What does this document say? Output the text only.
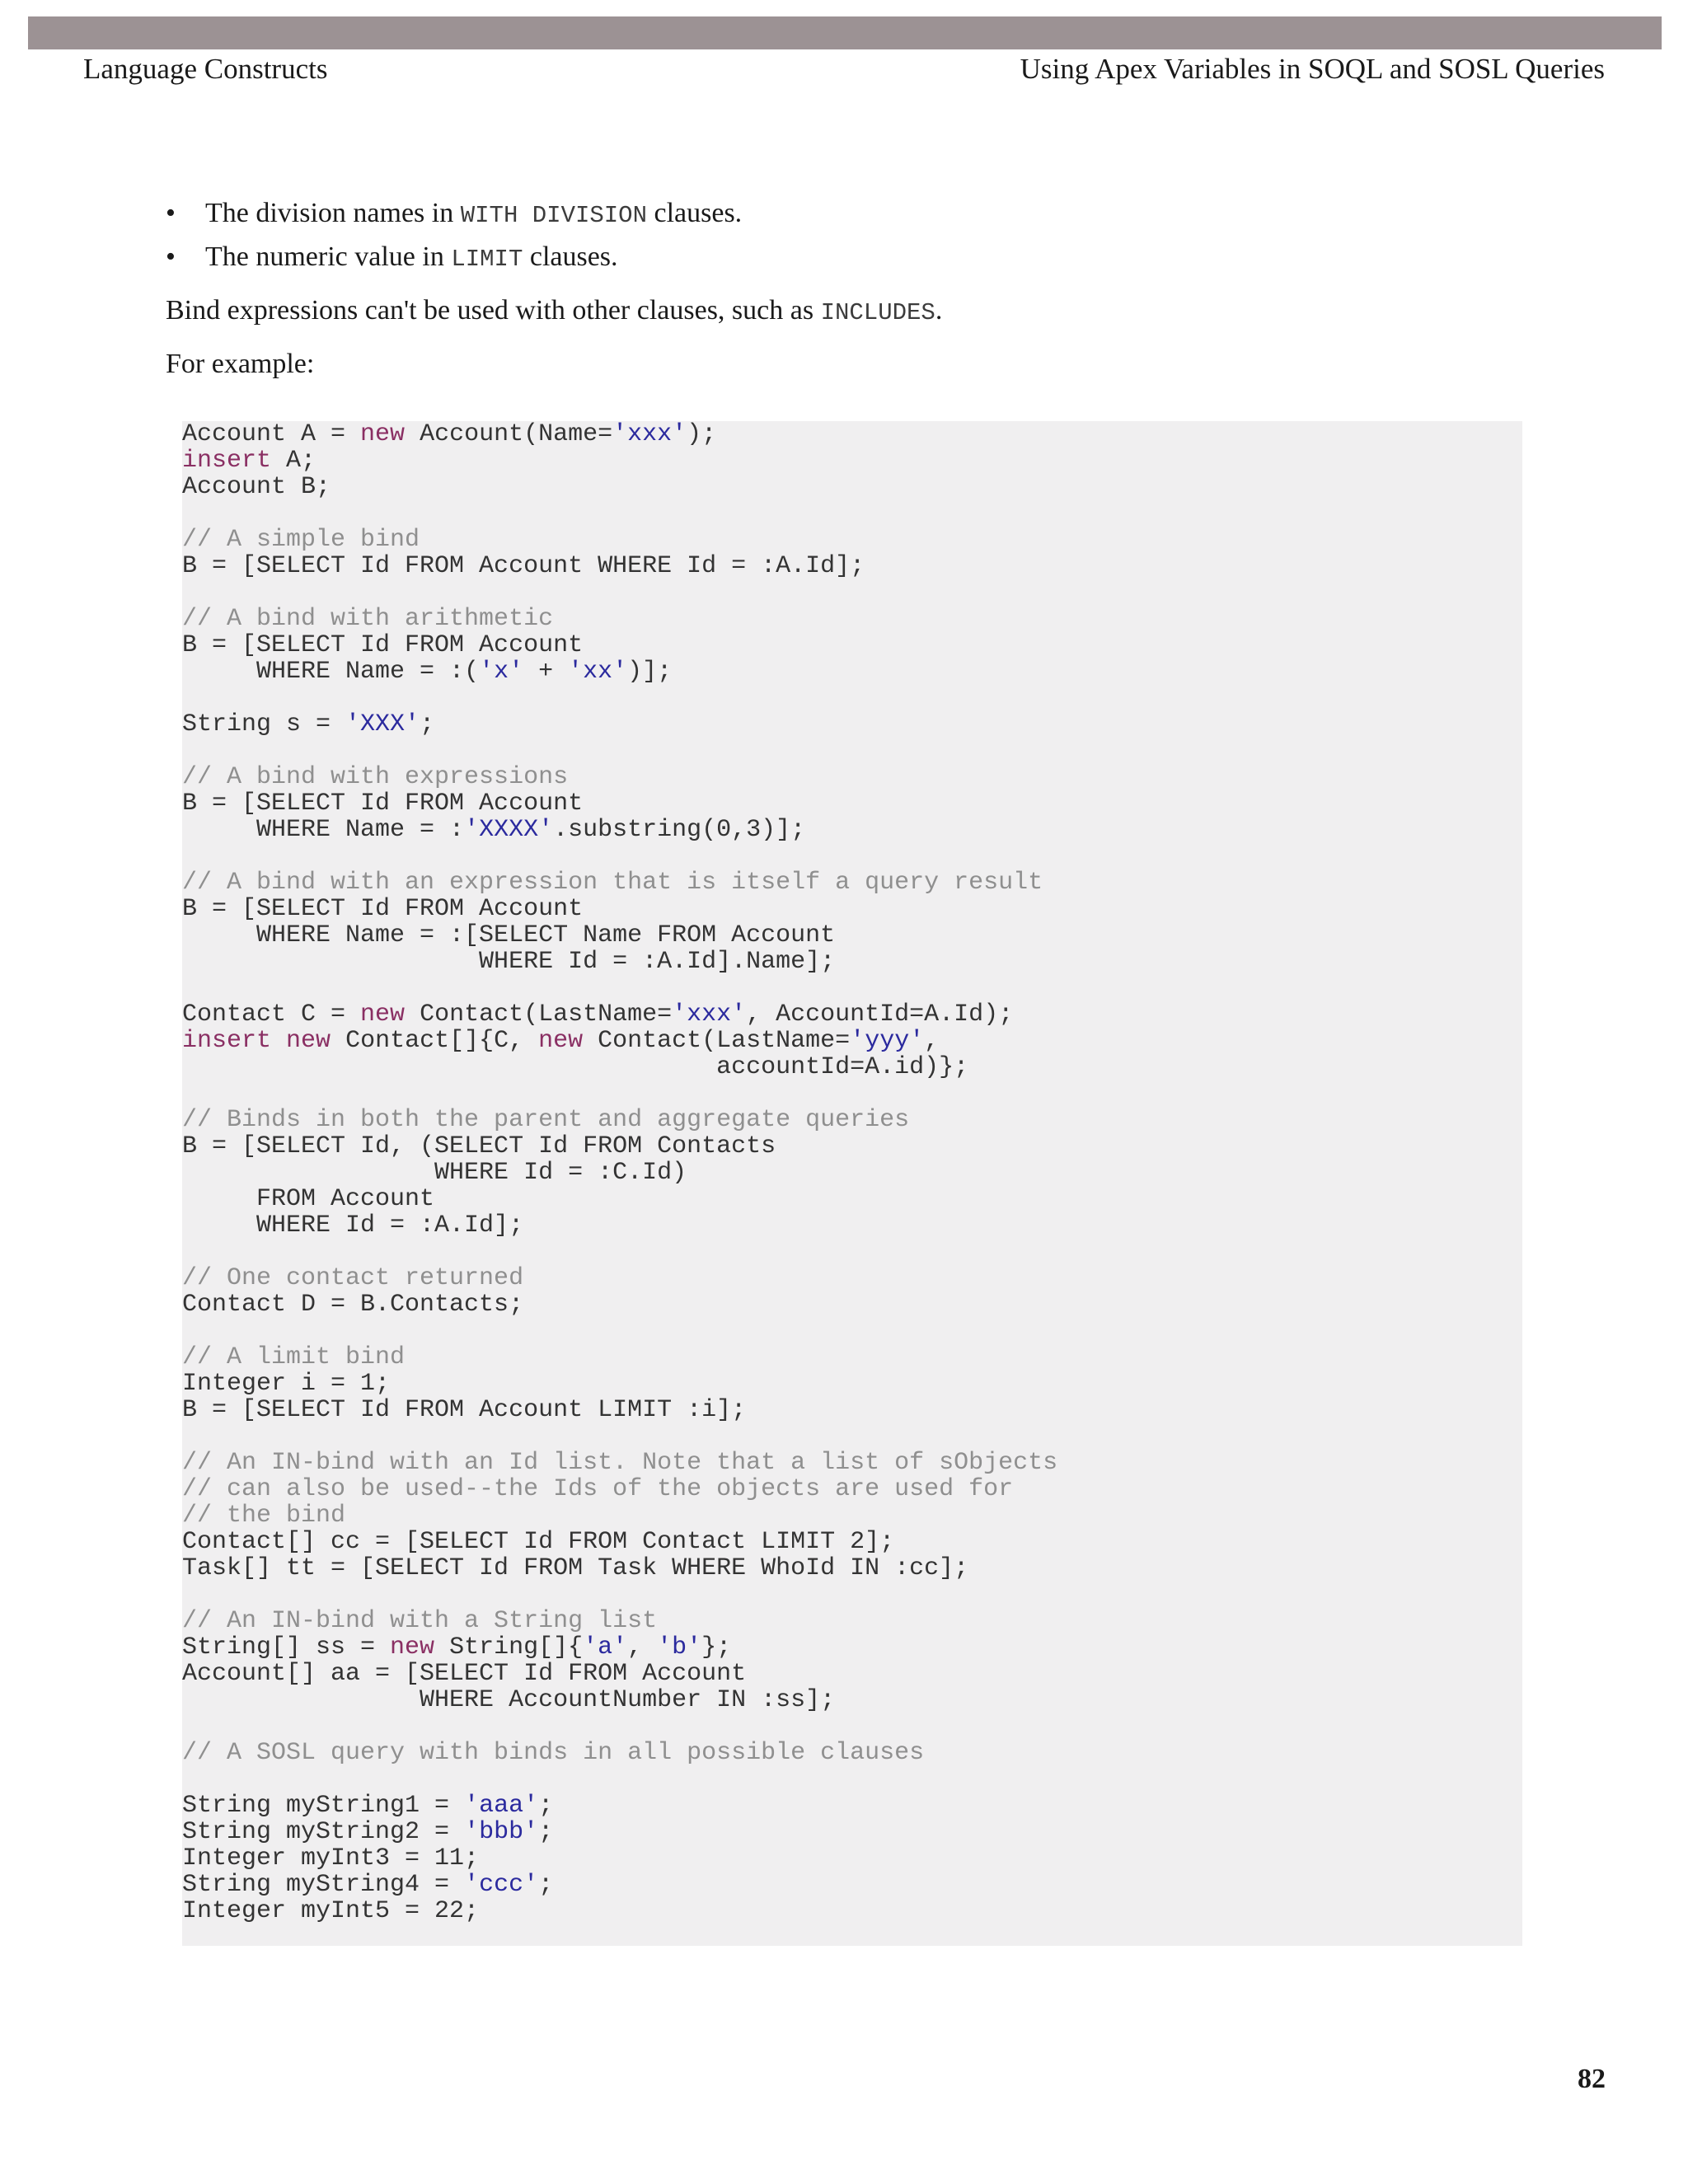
Language Constructs	Using Apex Variables in SOQL and SOSL Queries
• The division names in WITH DIVISION clauses.
• The numeric value in LIMIT clauses.

Bind expressions can't be used with other clauses, such as INCLUDES.

For example:

Account A = new Account(Name='xxx');
insert A;
Account B;
// A simple bind
B = [SELECT Id FROM Account WHERE Id = :A.Id];
// A bind with arithmetic
B = [SELECT Id FROM Account
WHERE Name = :('x' + 'xx')];
String s = 'XXX';
// A bind with expressions
B = [SELECT Id FROM Account
WHERE Name = :'XXXX'.substring(0,3)];
// A bind with an expression that is itself a query result
B = [SELECT Id FROM Account
WHERE Name = :[SELECT Name FROM Account
WHERE Id = :A.Id].Name];
Contact C = new Contact(LastName='xxx', AccountId=A.Id);
insert new Contact[]{C, new Contact(LastName='yyy',
accountId=A.id)};
// Binds in both the parent and aggregate queries
B = [SELECT Id, (SELECT Id FROM Contacts
WHERE Id = :C.Id)
FROM Account
WHERE Id = :A.Id];
// One contact returned
Contact D = B.Contacts;
// A limit bind
Integer i = 1;
B = [SELECT Id FROM Account LIMIT :i];
// An IN-bind with an Id list. Note that a list of sObjects
// can also be used--the Ids of the objects are used for
// the bind
Contact[] cc = [SELECT Id FROM Contact LIMIT 2];
Task[] tt = [SELECT Id FROM Task WHERE WhoId IN :cc];
// An IN-bind with a String list
String[] ss = new String[]{'a', 'b'};
Account[] aa = [SELECT Id FROM Account
WHERE AccountNumber IN :ss];
// A SOSL query with binds in all possible clauses
String myString1 = 'aaa';
String myString2 = 'bbb';
Integer myInt3 = 11;
String myString4 = 'ccc';
Integer myInt5 = 22;
82
